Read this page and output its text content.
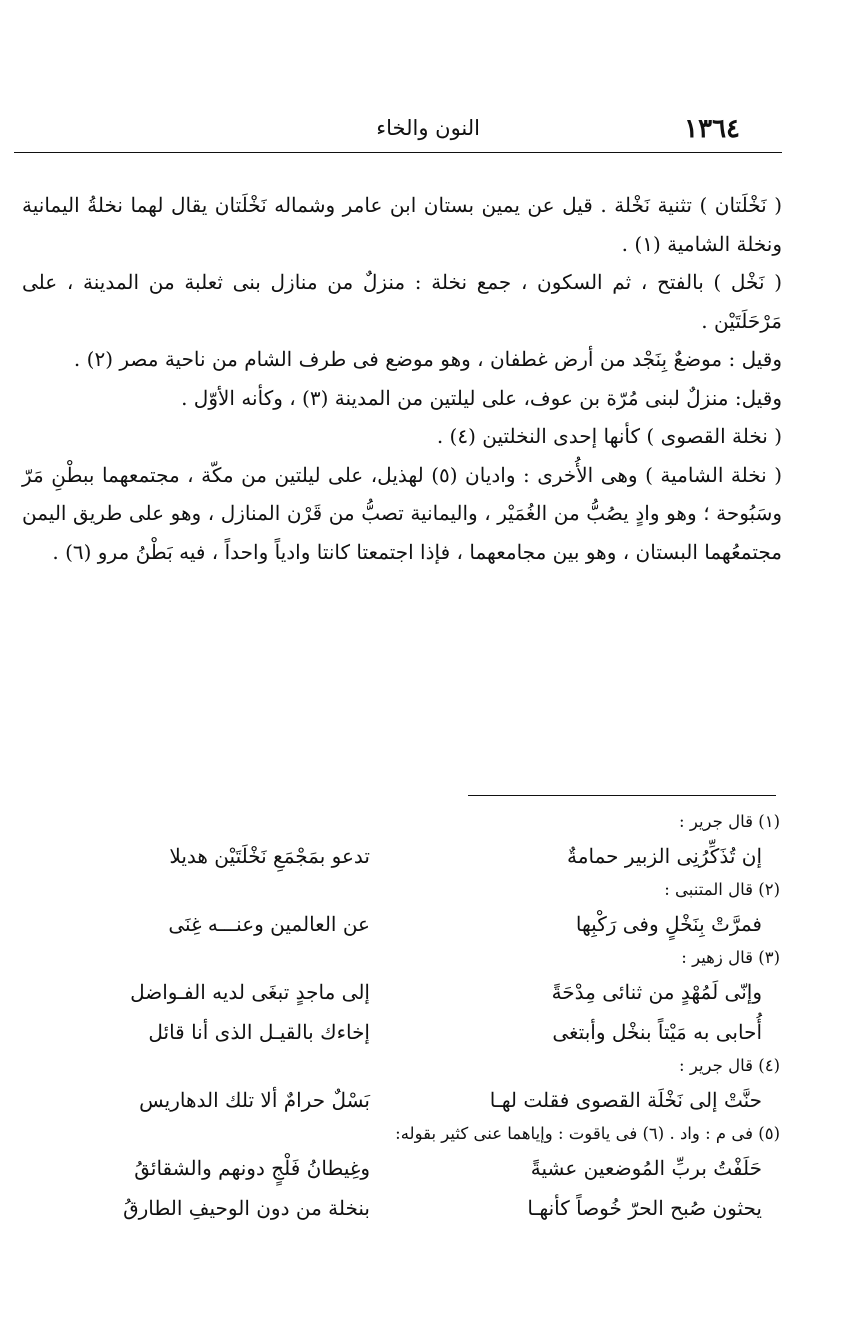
١٣٦٤
النون والخاء

( نَخْلَتان ) تثنية نَخْلة . قيل عن يمين بستان ابن عامر وشماله نَخْلَتان يقال لهما نخلةُ اليمانية ونخلة الشامية (١) .

( نَخْل ) بالفتح ، ثم السكون ، جمع نخلة : منزلٌ من منازل بنى ثعلبة من المدينة ، على مَرْحَلَتَيْن .

وقيل : موضعٌ بِنَجْد من أرض غطفان ، وهو موضع فى طرف الشام من ناحية مصر (٢) .

وقيل: منزلٌ لبنى مُرّة بن عوف، على ليلتين من المدينة (٣) ، وكأنه الأوّل .

( نخلة القصوى ) كأنها إحدى النخلتين (٤) .

( نخلة الشامية ) وهى الأُخرى : واديان (٥) لهذيل، على ليلتين من مكّة ، مجتمعهما ببطْنِ مَرّ وسَبُوحة ؛ وهو وادٍ يصُبُّ من الغُمَيْر ، واليمانية تصبُّ من قَرْن المنازل ، وهو على طريق اليمن مجتمعُهما البستان ، وهو بين مجامعهما ، فإذا اجتمعتا كانتا وادياً واحداً ، فيه بَطْنُ مرو (٦) .

(١) قال جرير :
إن تُذَكِّرُنِى الزبير حمامةٌ
تدعو بمَجْمَعِ نَخْلَتَيْن هديلا
(٢) قال المتنبى :
فمرَّتْ بِنَخْلٍ وفى رَكْبِها
عن العالمين وعنـــه غِنَى
(٣) قال زهير :
وإنّى لَمُهْدٍ من ثنائى مِدْحَةً
إلى ماجدٍ تبغَى لديه الفـواضل
أُحابى به مَيْتاً بنخْل وأبتغى
إخاءك بالقيـل الذى أنا قائل
(٤) قال جرير :
حنَّتْ إلى نَخْلَة القصوى فقلت لهـا
بَسْلٌ حرامٌ ألا تلك الدهاريس
(٥) فى م : واد . (٦) فى ياقوت : وإياهما عنى كثير بقوله:
حَلَفْتُ بربِّ المُوضعين عشيةً
وغِيطانُ فَلْجٍ دونهم والشقائقُ
يحثون صُبح الحرّ خُوصاً كأنهـا
بنخلة من دون الوحيفِ الطارقُ
